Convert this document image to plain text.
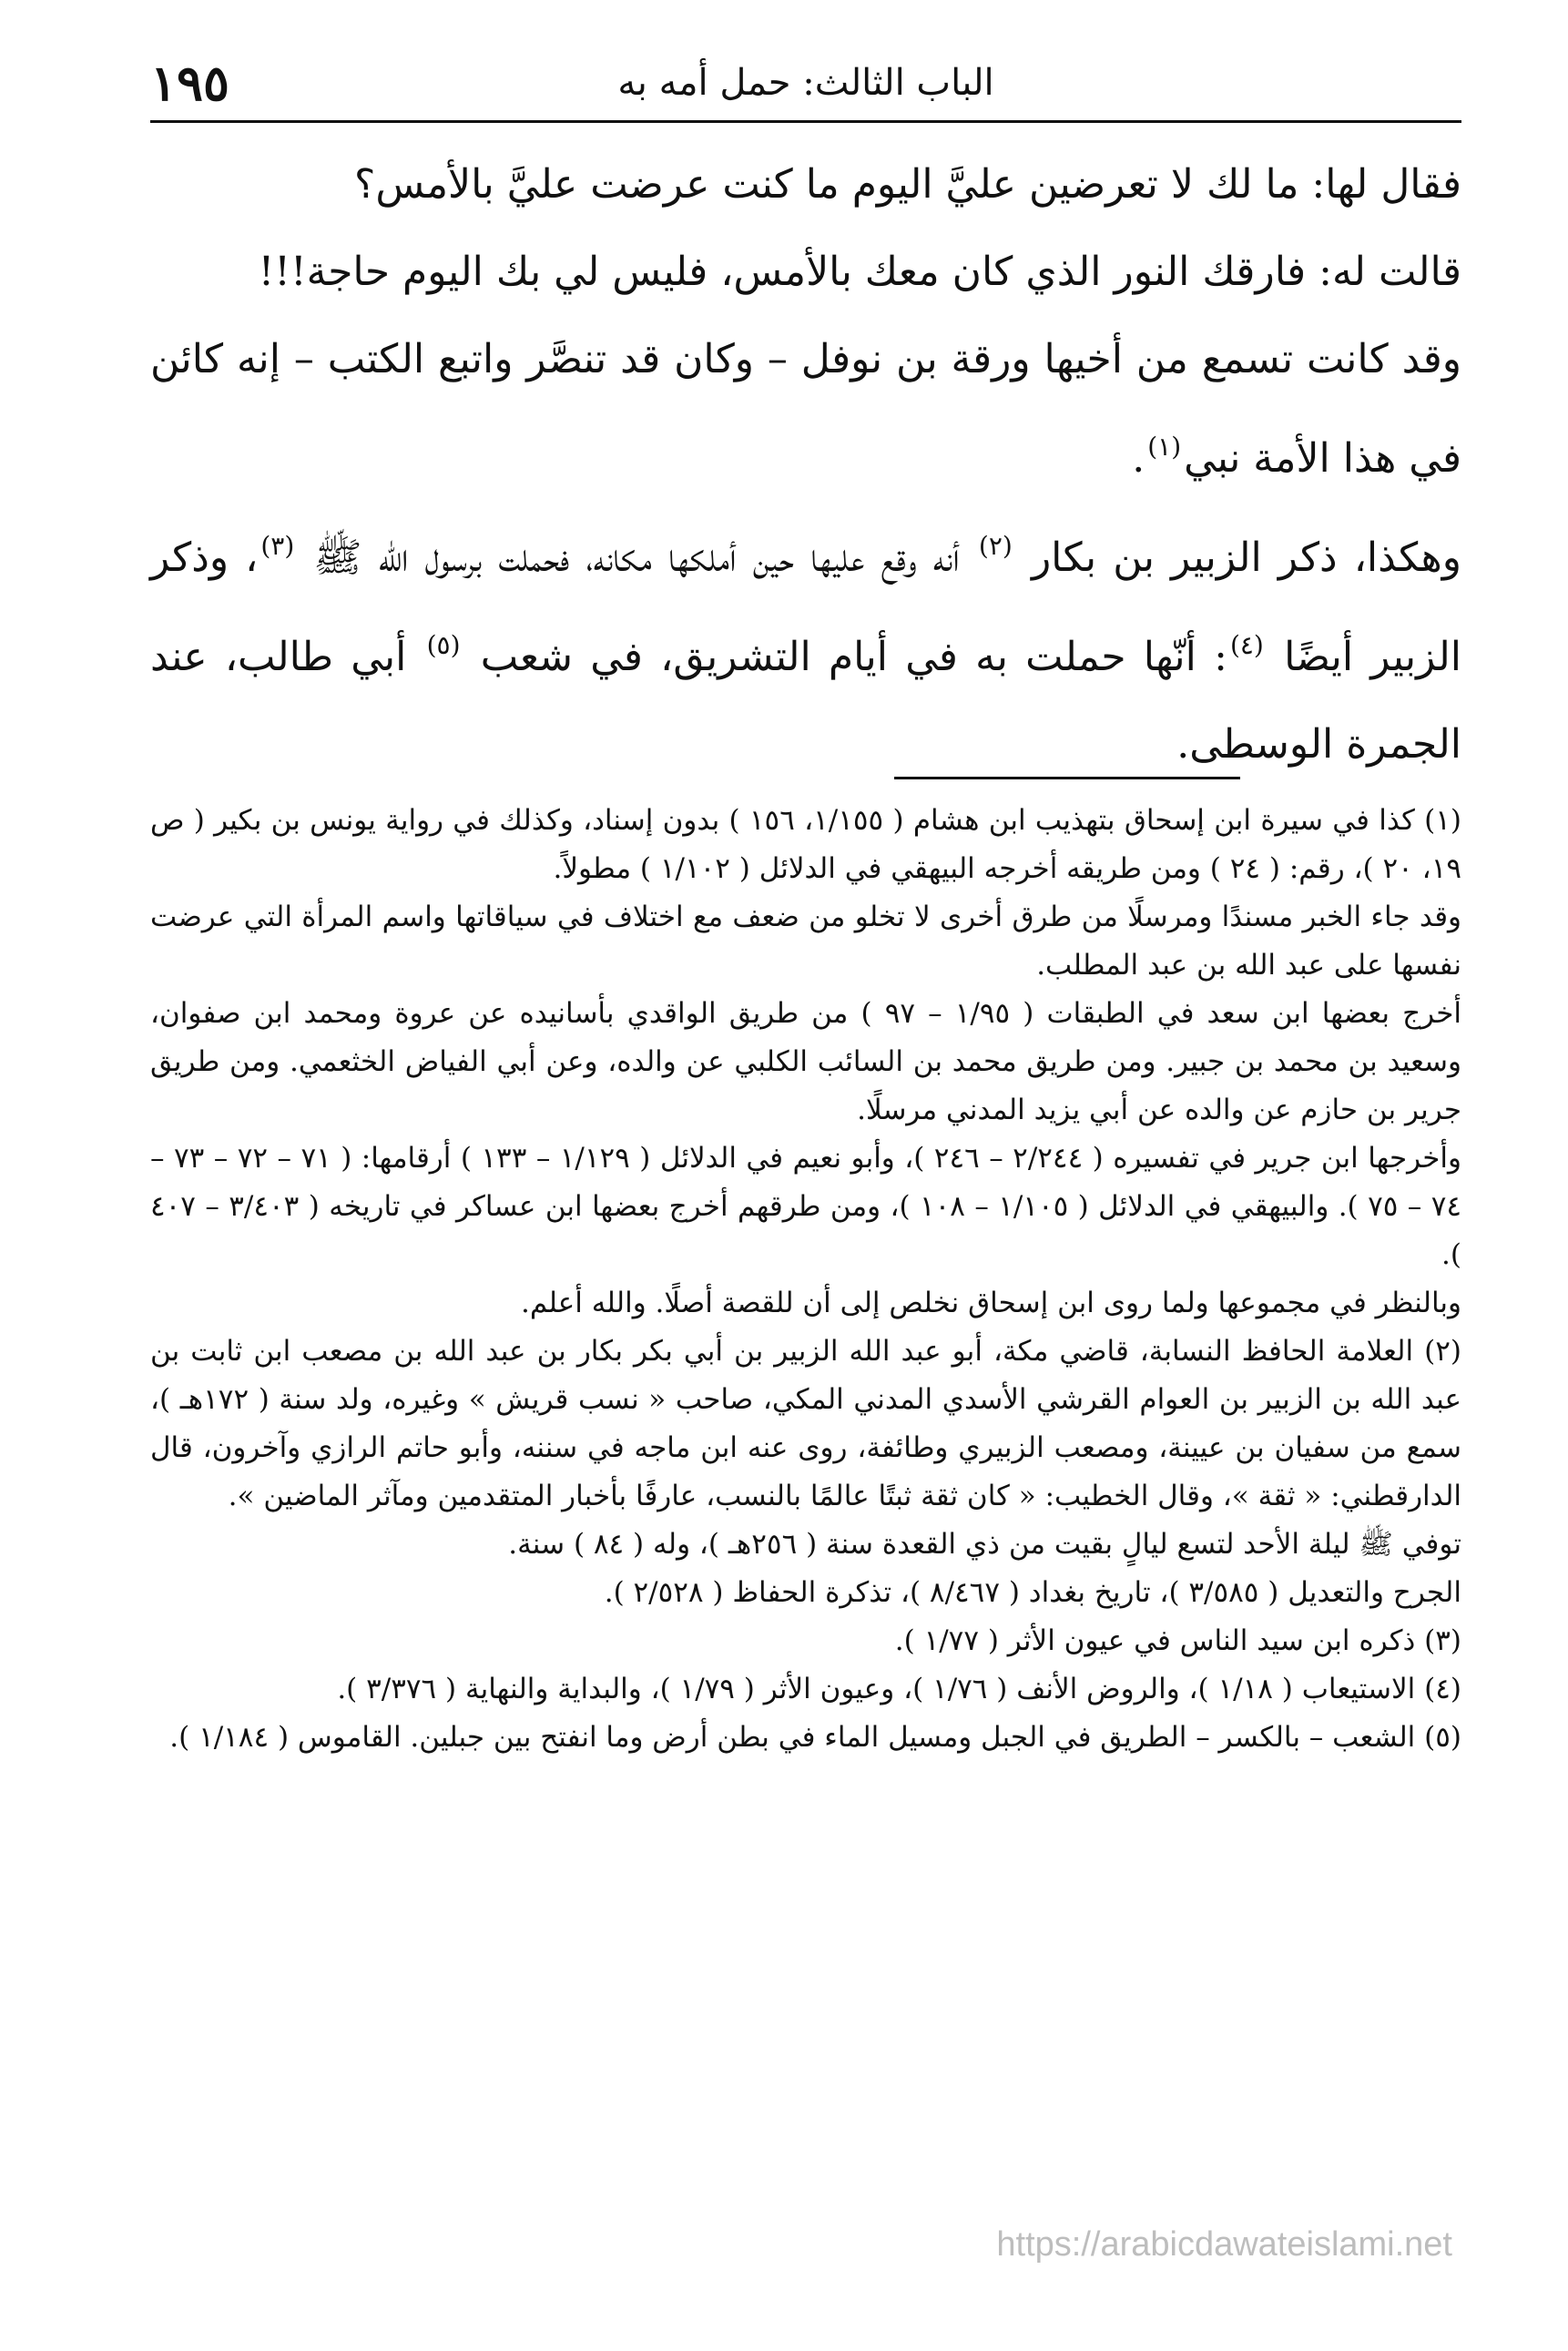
الباب الثالث: حمل أمه به
١٩٥

فقال لها: ما لك لا تعرضين عليَّ اليوم ما كنت عرضت عليَّ بالأمس؟

قالت له: فارقك النور الذي كان معك بالأمس، فليس لي بك اليوم حاجة!!!

وقد كانت تسمع من أخيها ورقة بن نوفل – وكان قد تنصَّر واتبع الكتب – إنه كائن في هذا الأمة نبي$^{(١)}$.

وهكذا، ذكر الزبير بن بكار $^{(٢)}$ أنه وقع عليها حين أملكها مكانه، فحملت برسول الله ﷺ $^{(٣)}$، وذكر الزبير أيضًا $^{(٤)}$: أنّها حملت به في أيام التشريق، في شعب $^{(٥)}$ أبي طالب، عند الجمرة الوسطى.

(١) كذا في سيرة ابن إسحاق بتهذيب ابن هشام ( ١/١٥٥، ١٥٦ ) بدون إسناد، وكذلك في رواية يونس بن بكير ( ص ١٩، ٢٠ )، رقم: ( ٢٤ ) ومن طريقه أخرجه البيهقي في الدلائل ( ١/١٠٢ ) مطولاً.

وقد جاء الخبر مسندًا ومرسلًا من طرق أخرى لا تخلو من ضعف مع اختلاف في سياقاتها واسم المرأة التي عرضت نفسها على عبد الله بن عبد المطلب.

أخرج بعضها ابن سعد في الطبقات ( ١/٩٥ – ٩٧ ) من طريق الواقدي بأسانيده عن عروة ومحمد ابن صفوان، وسعيد بن محمد بن جبير. ومن طريق محمد بن السائب الكلبي عن والده، وعن أبي الفياض الخثعمي. ومن طريق جرير بن حازم عن والده عن أبي يزيد المدني مرسلًا.

وأخرجها ابن جرير في تفسيره ( ٢/٢٤٤ – ٢٤٦ )، وأبو نعيم في الدلائل ( ١/١٢٩ – ١٣٣ ) أرقامها: ( ٧١ – ٧٢ – ٧٣ – ٧٤ – ٧٥ ). والبيهقي في الدلائل ( ١/١٠٥ – ١٠٨ )، ومن طرقهم أخرج بعضها ابن عساكر في تاريخه ( ٣/٤٠٣ – ٤٠٧ ).

وبالنظر في مجموعها ولما روى ابن إسحاق نخلص إلى أن للقصة أصلًا. والله أعلم.

(٢) العلامة الحافظ النسابة، قاضي مكة، أبو عبد الله الزبير بن أبي بكر بكار بن عبد الله بن مصعب ابن ثابت بن عبد الله بن الزبير بن العوام القرشي الأسدي المدني المكي، صاحب « نسب قريش » وغيره، ولد سنة ( ١٧٢هـ )، سمع من سفيان بن عيينة، ومصعب الزبيري وطائفة، روى عنه ابن ماجه في سننه، وأبو حاتم الرازي وآخرون، قال الدارقطني: « ثقة »، وقال الخطيب: « كان ثقة ثبتًا عالمًا بالنسب، عارفًا بأخبار المتقدمين ومآثر الماضين ».

توفي ﷺ ليلة الأحد لتسع ليالٍ بقيت من ذي القعدة سنة ( ٢٥٦هـ )، وله ( ٨٤ ) سنة.

الجرح والتعديل ( ٣/٥٨٥ )، تاريخ بغداد ( ٨/٤٦٧ )، تذكرة الحفاظ ( ٢/٥٢٨ ).

(٣) ذكره ابن سيد الناس في عيون الأثر ( ١/٧٧ ).

(٤) الاستيعاب ( ١/١٨ )، والروض الأنف ( ١/٧٦ )، وعيون الأثر ( ١/٧٩ )، والبداية والنهاية ( ٣/٣٧٦ ).

(٥) الشعب – بالكسر – الطريق في الجبل ومسيل الماء في بطن أرض وما انفتح بين جبلين. القاموس ( ١/١٨٤ ).

https://arabicdawateislami.net
